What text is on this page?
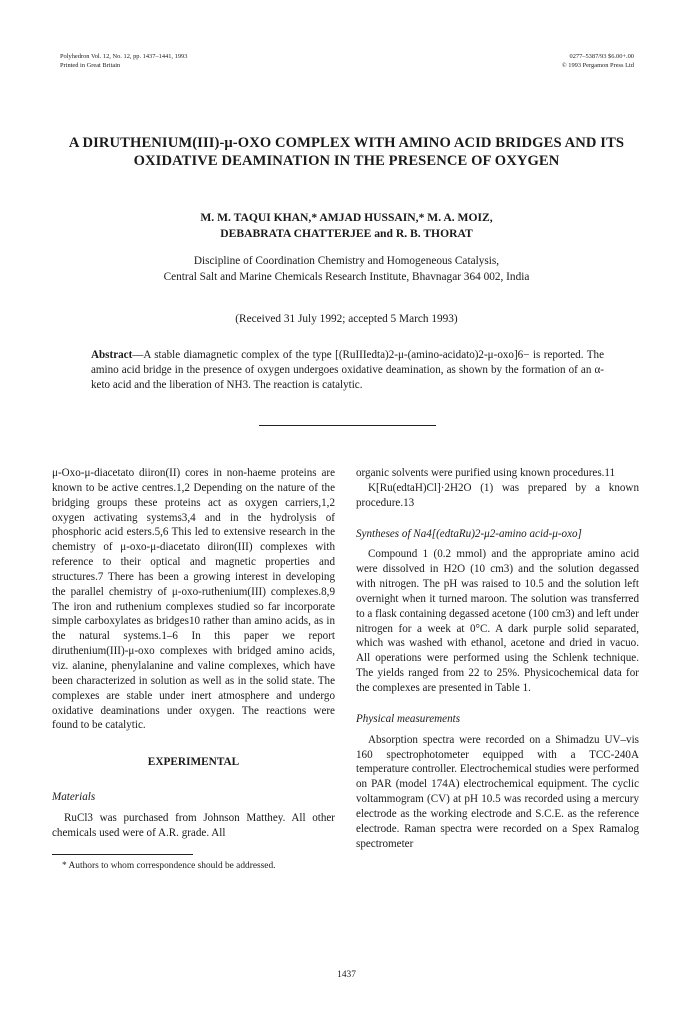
Polyhedron Vol. 12, No. 12, pp. 1437–1441, 1993
Printed in Great Britain
0277–5387/93 $6.00+.00
© 1993 Pergamon Press Ltd
A DIRUTHENIUM(III)-μ-OXO COMPLEX WITH AMINO ACID BRIDGES AND ITS OXIDATIVE DEAMINATION IN THE PRESENCE OF OXYGEN
M. M. TAQUI KHAN,* AMJAD HUSSAIN,* M. A. MOIZ,
DEBABRATA CHATTERJEE and R. B. THORAT
Discipline of Coordination Chemistry and Homogeneous Catalysis,
Central Salt and Marine Chemicals Research Institute, Bhavnagar 364 002, India
(Received 31 July 1992; accepted 5 March 1993)
Abstract—A stable diamagnetic complex of the type [(RuIIIedta)2-μ-(amino-acidato)2-μ-oxo]6− is reported. The amino acid bridge in the presence of oxygen undergoes oxidative deamination, as shown by the formation of an α-keto acid and the liberation of NH3. The reaction is catalytic.

μ-Oxo-μ-diacetato diiron(II) cores in non-haeme proteins are known to be active centres.1,2 Depending on the nature of the bridging groups these proteins act as oxygen carriers,1,2 oxygen activating systems3,4 and in the hydrolysis of phosphoric acid esters.5,6 This led to extensive research in the chemistry of μ-oxo-μ-diacetato diiron(III) complexes with reference to their optical and magnetic properties and structures.7 There has been a growing interest in developing the parallel chemistry of μ-oxo-ruthenium(III) complexes.8,9 The iron and ruthenium complexes studied so far incorporate simple carboxylates as bridges10 rather than amino acids, as in the natural systems.1–6 In this paper we report diruthenium(III)-μ-oxo complexes with bridged amino acids, viz. alanine, phenylalanine and valine complexes, which have been characterized in solution as well as in the solid state. The complexes are stable under inert atmosphere and undergo oxidative deaminations under oxygen. The reactions were found to be catalytic.

EXPERIMENTAL

Materials

RuCl3 was purchased from Johnson Matthey. All other chemicals used were of A.R. grade. All

* Authors to whom correspondence should be addressed.

organic solvents were purified using known procedures.11

K[Ru(edtaH)Cl]·2H2O (1) was prepared by a known procedure.13

Syntheses of Na4[(edtaRu)2-μ2-amino acid-μ-oxo]

Compound 1 (0.2 mmol) and the appropriate amino acid were dissolved in H2O (10 cm3) and the solution degassed with nitrogen. The pH was raised to 10.5 and the solution left overnight when it turned maroon. The solution was transferred to a flask containing degassed acetone (100 cm3) and left under nitrogen for a week at 0°C. A dark purple solid separated, which was washed with ethanol, acetone and dried in vacuo. All operations were performed using the Schlenk technique. The yields ranged from 22 to 25%. Physicochemical data for the complexes are presented in Table 1.

Physical measurements

Absorption spectra were recorded on a Shimadzu UV–vis 160 spectrophotometer equipped with a TCC-240A temperature controller. Electrochemical studies were performed on PAR (model 174A) electrochemical equipment. The cyclic voltammogram (CV) at pH 10.5 was recorded using a mercury electrode as the working electrode and S.C.E. as the reference electrode. Raman spectra were recorded on a Spex Ramalog spectrometer

1437
